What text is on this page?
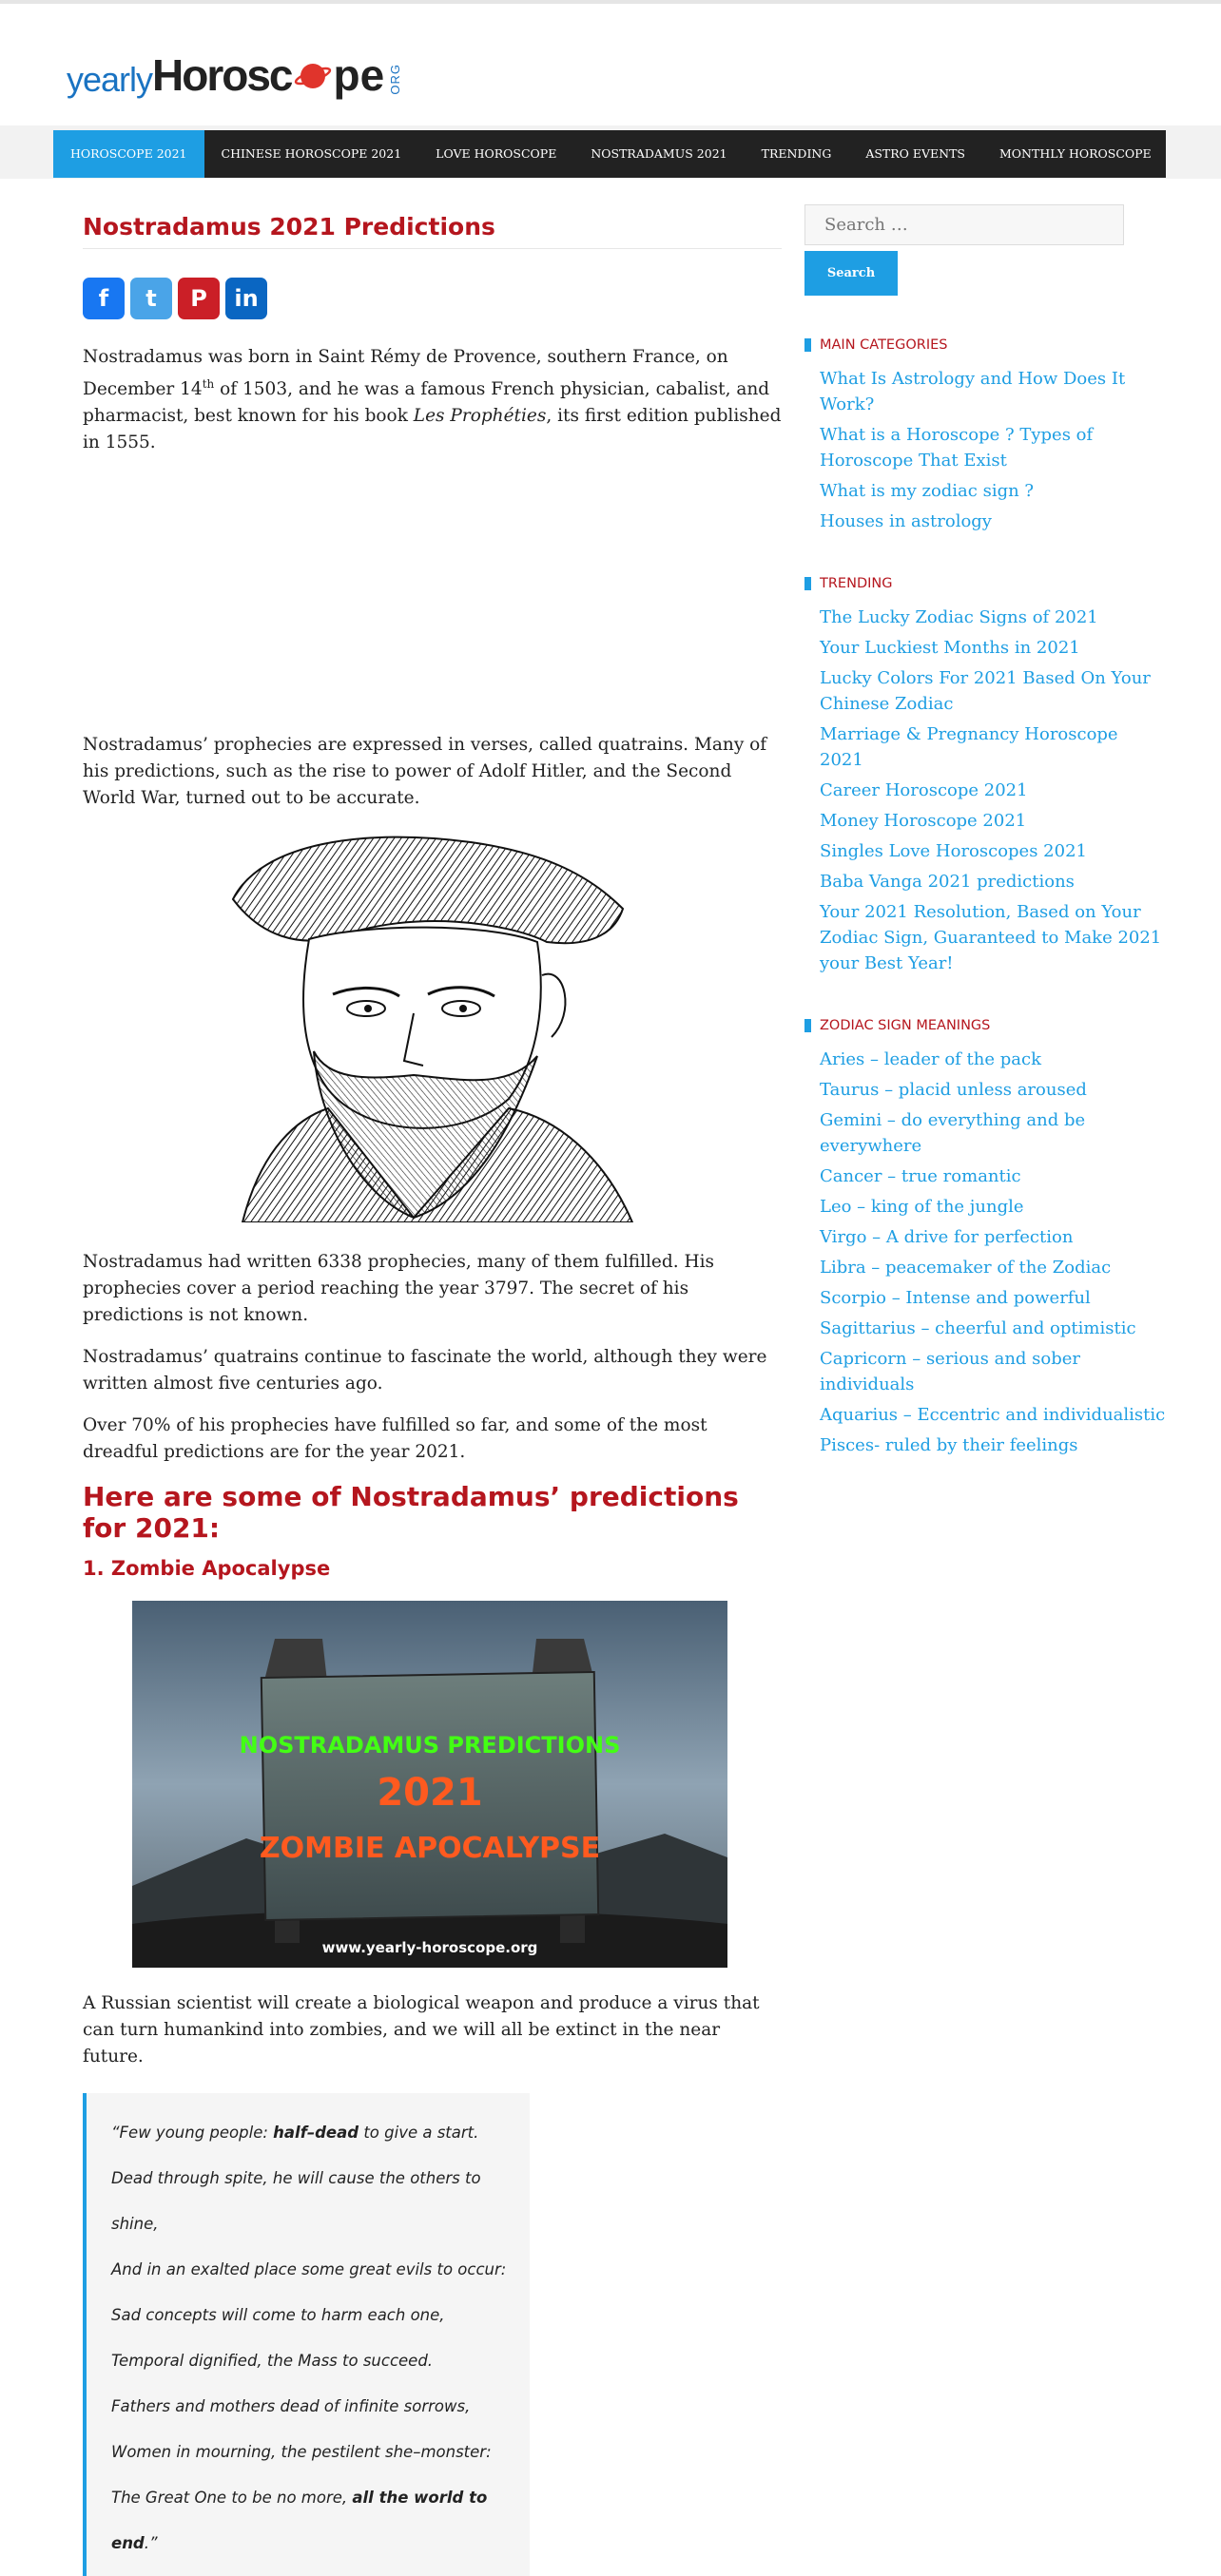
yearly Horosc pe ORG
HOROSCOPE 2021	CHINESE HOROSCOPE 2021	LOVE HOROSCOPE	NOSTRADAMUS 2021	TRENDING	ASTRO EVENTS	MONTHLY HOROSCOPE
Nostradamus 2021 Predictions
f	t	P	in

Nostradamus was born in Saint Rémy de Provence, southern France, on December 14th of 1503, and he was a famous French physician, cabalist, and pharmacist, best known for his book Les Prophéties, its first edition published in 1555.

Nostradamus’ prophecies are expressed in verses, called quatrains. Many of his predictions, such as the rise to power of Adolf Hitler, and the Second World War, turned out to be accurate.

Nostradamus had written 6338 prophecies, many of them fulfilled. His prophecies cover a period reaching the year 3797. The secret of his predictions is not known.

Nostradamus’ quatrains continue to fascinate the world, although they were written almost five centuries ago.

Over 70% of his prophecies have fulfilled so far, and some of the most dreadful predictions are for the year 2021.

Here are some of Nostradamus’ predictions for 2021:
1. Zombie Apocalypse
NOSTRADAMUS PREDICTIONS
2021
ZOMBIE APOCALYPSE
www.yearly-horoscope.org

A Russian scientist will create a biological weapon and produce a virus that can turn humankind into zombies, and we will all be extinct in the near future.

“Few young people: half–dead to give a start.
Dead through spite, he will cause the others to shine,
And in an exalted place some great evils to occur:
Sad concepts will come to harm each one,
Temporal dignified, the Mass to succeed.
Fathers and mothers dead of infinite sorrows,
Women in mourning, the pestilent she–monster:
The Great One to be no more, all the world to end.”
Search …
Search
MAIN CATEGORIES
What Is Astrology and How Does It Work?
What is a Horoscope ? Types of Horoscope That Exist
What is my zodiac sign ?
Houses in astrology
TRENDING
The Lucky Zodiac Signs of 2021
Your Luckiest Months in 2021
Lucky Colors For 2021 Based On Your Chinese Zodiac
Marriage & Pregnancy Horoscope 2021
Career Horoscope 2021
Money Horoscope 2021
Singles Love Horoscopes 2021
Baba Vanga 2021 predictions
Your 2021 Resolution, Based on Your Zodiac Sign, Guaranteed to Make 2021 your Best Year!
ZODIAC SIGN MEANINGS
Aries – leader of the pack
Taurus – placid unless aroused
Gemini – do everything and be everywhere
Cancer – true romantic
Leo – king of the jungle
Virgo – A drive for perfection
Libra – peacemaker of the Zodiac
Scorpio – Intense and powerful
Sagittarius – cheerful and optimistic
Capricorn – serious and sober individuals
Aquarius – Eccentric and individualistic
Pisces- ruled by their feelings
